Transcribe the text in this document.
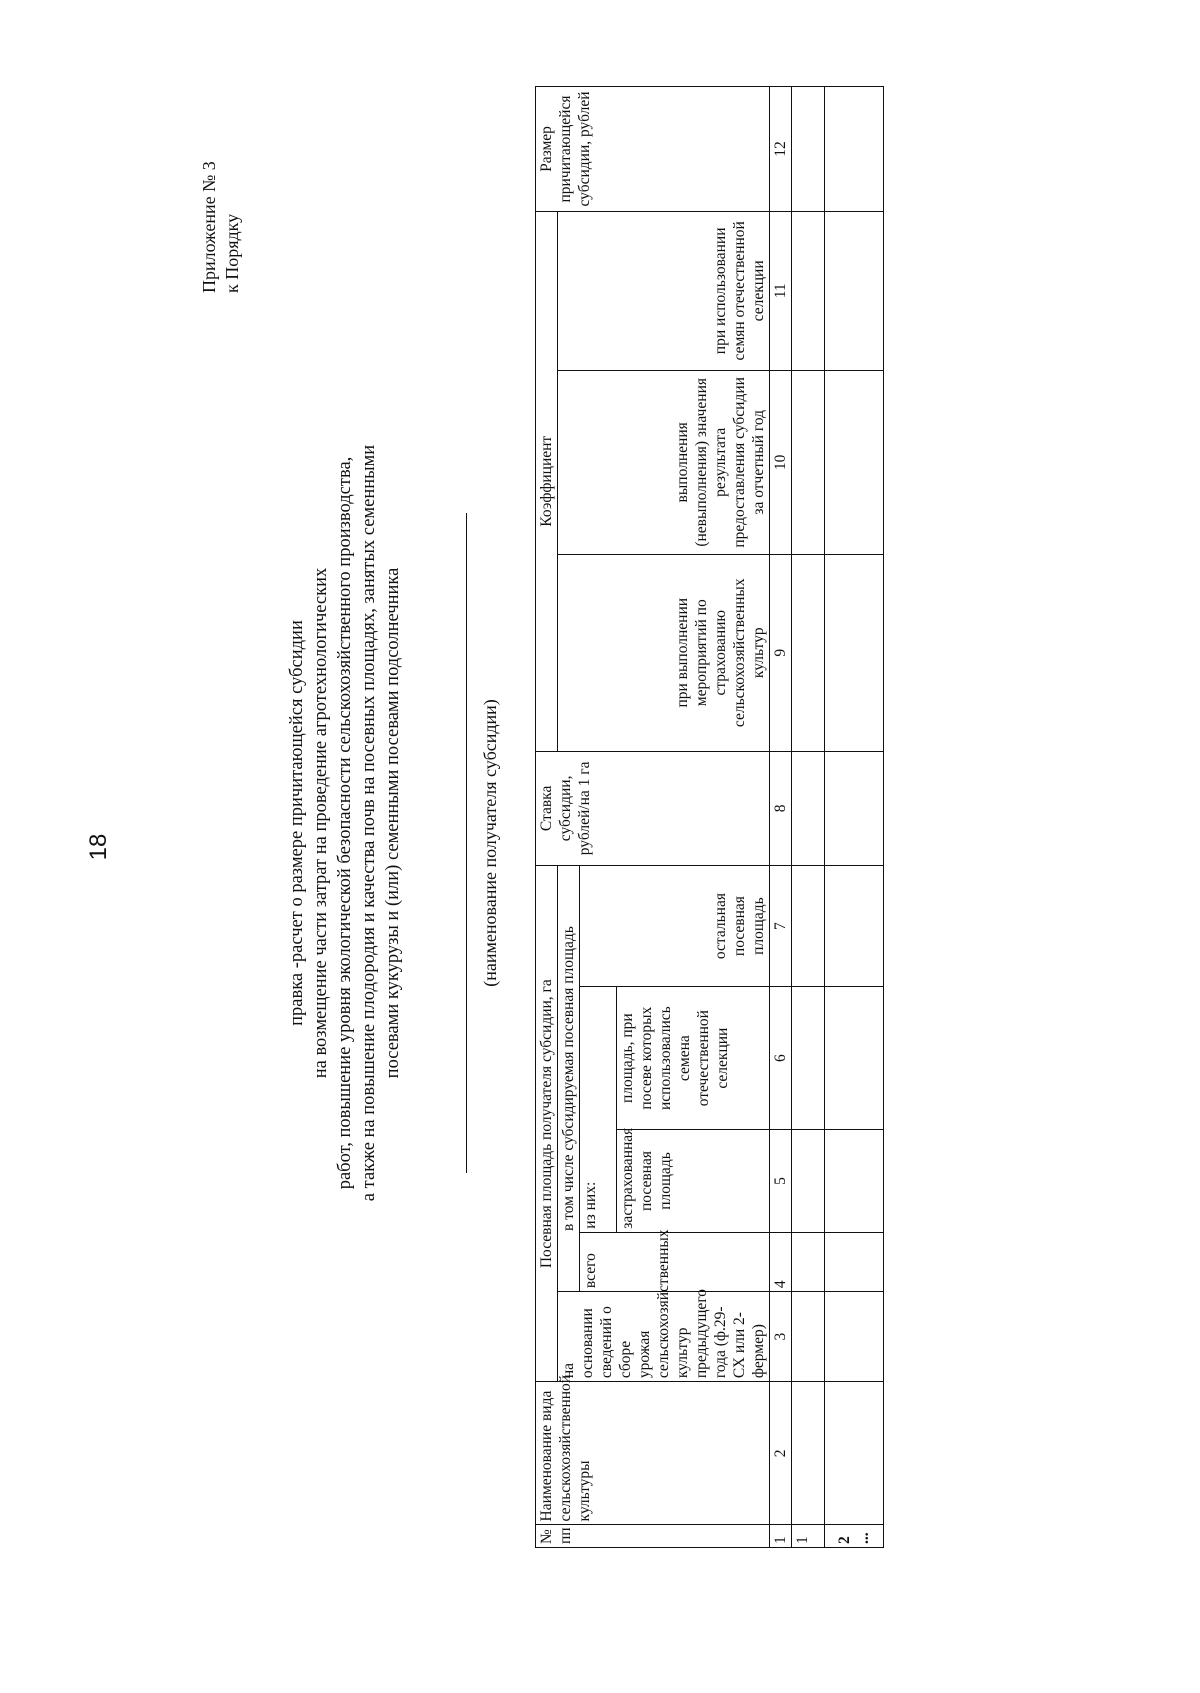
18
Приложение № 3 к Порядку
правка -расчет о размере причитающейся субсидии на возмещение части затрат на проведение агротехнологических работ, повышение уровня экологической безопасности сельскохозяйственного производства, а также на повышение плодородия и качества почв на посевных площадях, занятых семенными посевами кукурузы и (или) семенными посевами подсолнечника	(наименование получателя субсидии)
№ пп	Наименование вида сельскохозяйственной культуры	Посевная площадь получателя субсидии, га					Ставка субсидии, рублей/на 1 га	Коэффициент			Размер причитающейся субсидии, рублей
		на основании сведений о сборе урожая сельскохозяйственных культур предыдущего года (ф.29-СХ или 2-фермер)	в том числе субсидируемая посевная площадь					при выполнении мероприятий по страхованию сельскохозяйственных культур	выполнения (невыполнения) значения результата предоставления субсидии за отчетный год	при использовании семян отечественной селекции	
			всего	из них:		остальная посевная площадь					
				застрахованная посевная площадь	площадь, при посеве которых использовались семена отечественной селекции						
1	2	3	4	5	6	7	8	9	10	11	12
1											
2 ...											
